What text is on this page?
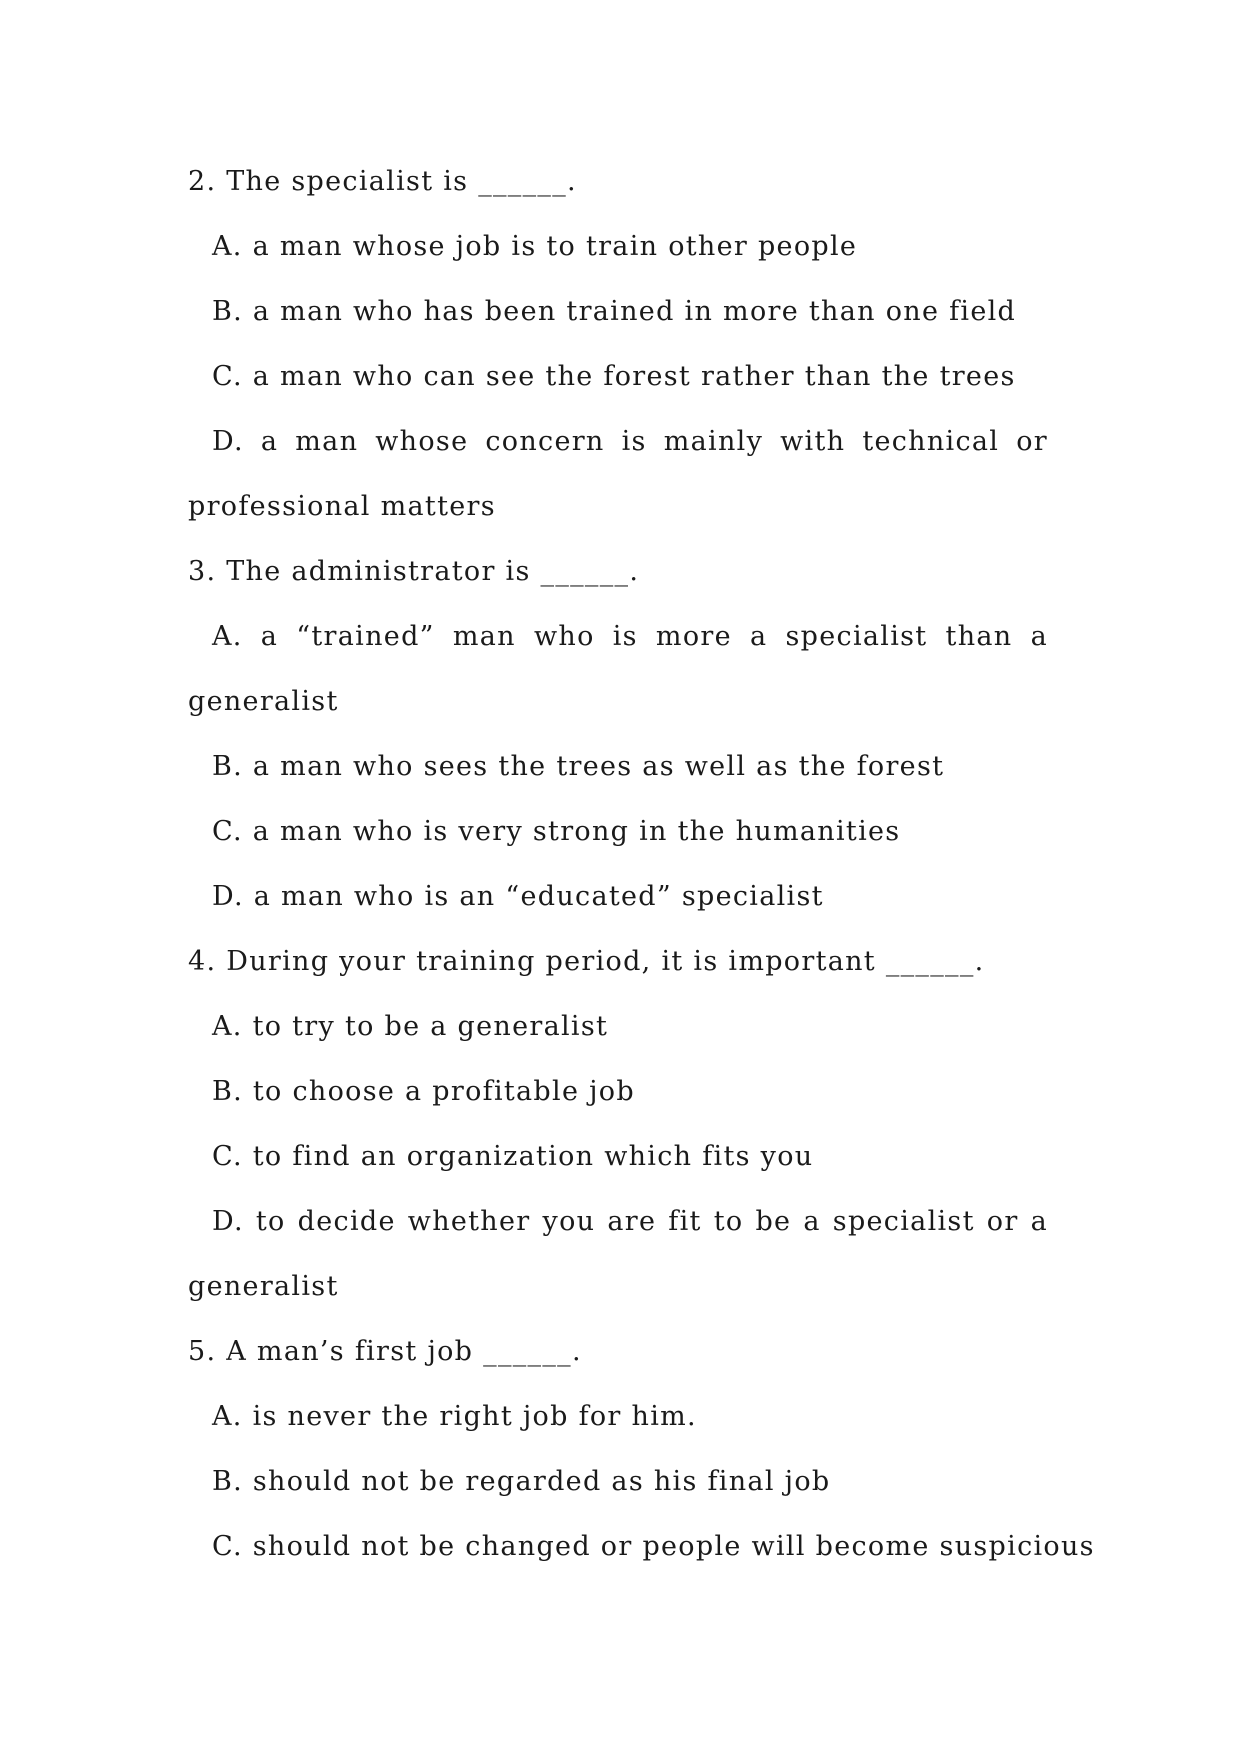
2. The specialist is ______.
A. a man whose job is to train other people
B. a man who has been trained in more than one field
C. a man who can see the forest rather than the trees
D. a man whose concern is mainly with technical or
professional matters
3. The administrator is ______.
A. a “trained” man who is more a specialist than a
generalist
B. a man who sees the trees as well as the forest
C. a man who is very strong in the humanities
D. a man who is an “educated” specialist
4. During your training period, it is important ______.
A. to try to be a generalist
B. to choose a profitable job
C. to find an organization which fits you
D. to decide whether you are fit to be a specialist or a
generalist
5. A man’s first job ______.
A. is never the right job for him.
B. should not be regarded as his final job
C. should not be changed or people will become suspicious
